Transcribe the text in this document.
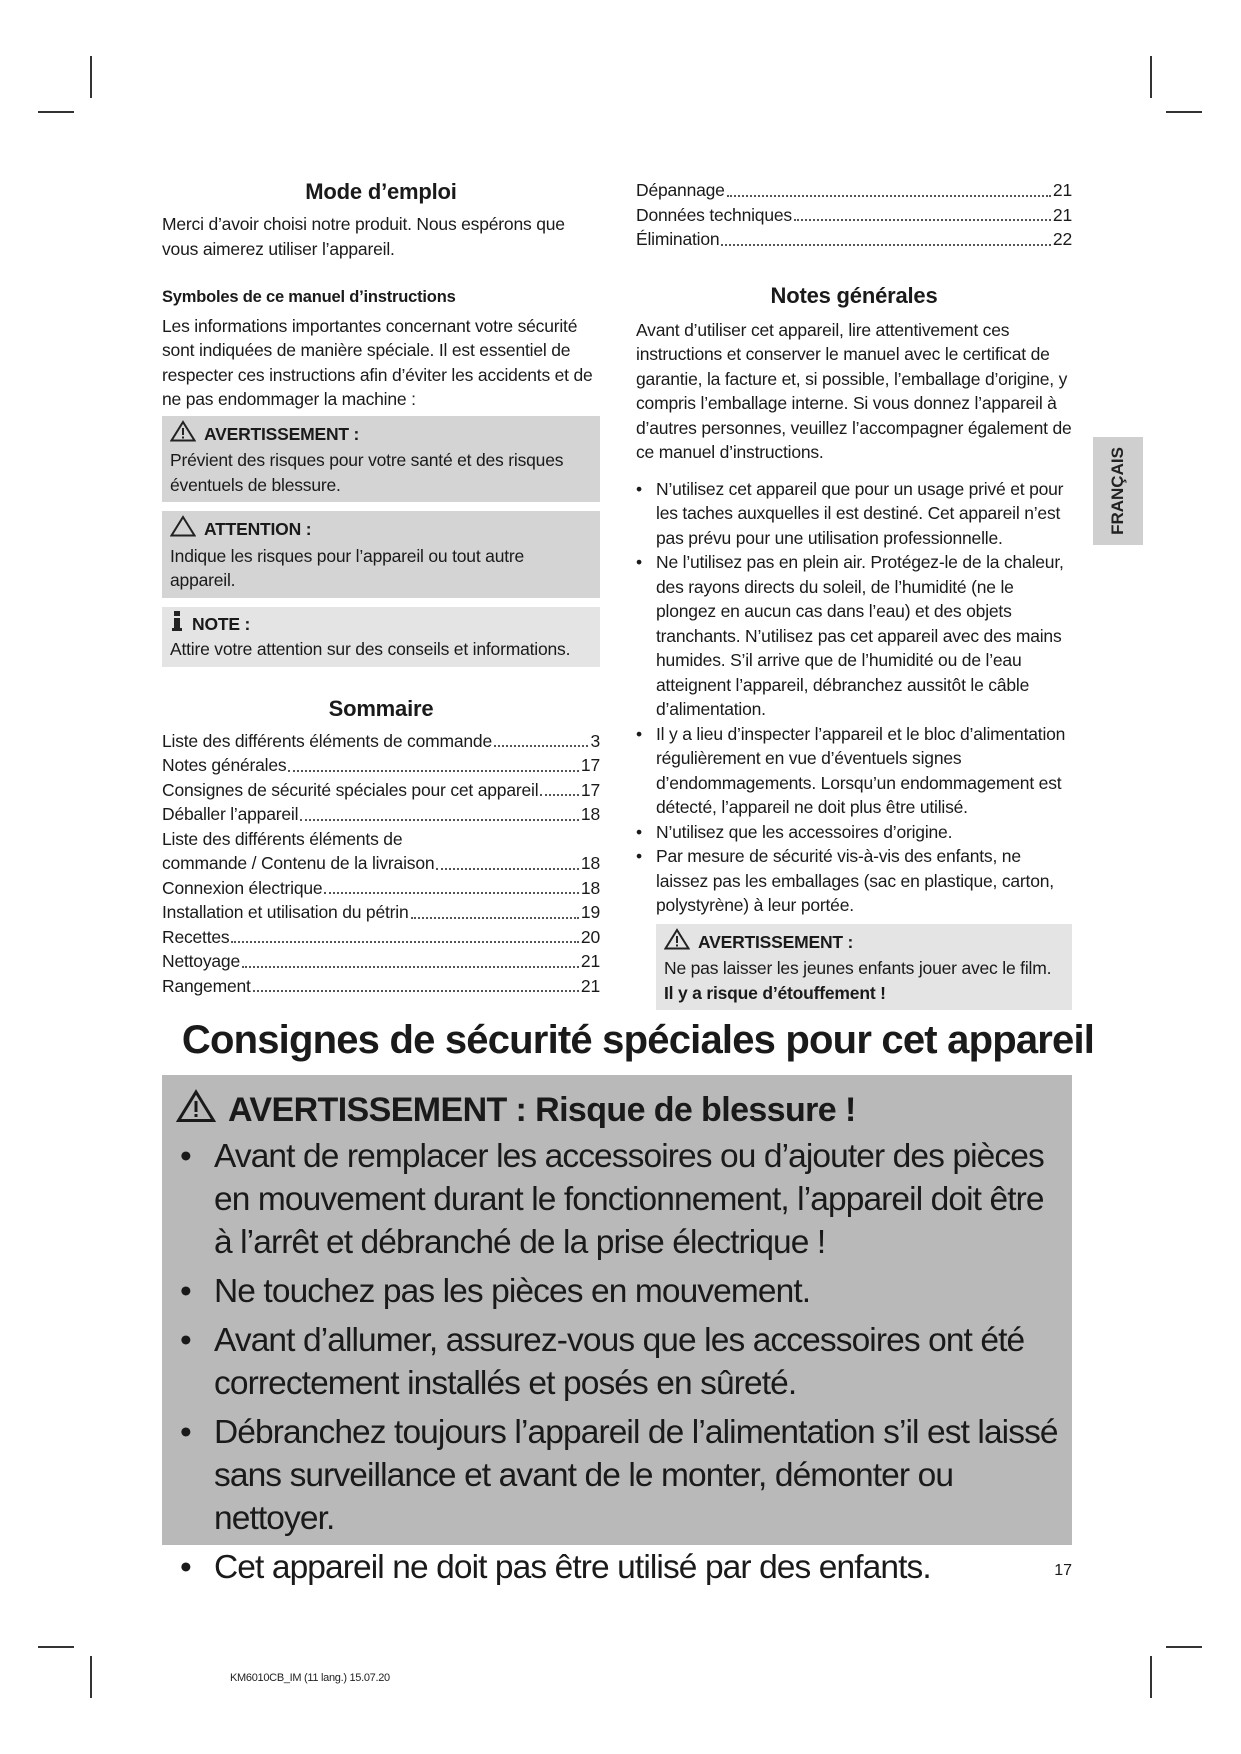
Mode d’emploi

Merci d’avoir choisi notre produit. Nous espérons que vous aimerez utiliser l’appareil.

Symboles de ce manuel d’instructions

Les informations importantes concernant votre sécurité sont indiquées de manière spéciale. Il est essentiel de respecter ces instructions afin d’éviter les accidents et de ne pas endommager la machine :

AVERTISSEMENT :

Prévient des risques pour votre santé et des risques éventuels de blessure.

ATTENTION :

Indique les risques pour l’appareil ou tout autre appareil.

NOTE :

Attire votre attention sur des conseils et informations.

Sommaire
Liste des différents éléments de commande	3
Notes générales	17
Consignes de sécurité spéciales pour cet appareil 17
Déballer l’appareil	18
Liste des différents éléments de
commande / Contenu de la livraison	18
Connexion électrique	18
Installation et utilisation du pétrin	19
Recettes	20
Nettoyage	21
Rangement	21
Dépannage	21
Données techniques	21
Élimination	22
Notes générales

Avant d’utiliser cet appareil, lire attentivement ces instructions et conserver le manuel avec le certificat de garantie, la facture et, si possible, l’emballage d’origine, y compris l’emballage interne. Si vous donnez l’appareil à d’autres personnes, veuillez l’accompagner également de ce manuel d’instructions.

• N’utilisez cet appareil que pour un usage privé et pour les taches auxquelles il est destiné. Cet appareil n’est pas prévu pour une utilisation professionnelle.
• Ne l’utilisez pas en plein air. Protégez-le de la chaleur, des rayons directs du soleil, de l’humidité (ne le plongez en aucun cas dans l’eau) et des objets tranchants. N’utilisez pas cet appareil avec des mains humides. S’il arrive que de l’humidité ou de l’eau atteignent l’appareil, débranchez aussitôt le câble d’alimentation.
• Il y a lieu d’inspecter l’appareil et le bloc d’alimentation régulièrement en vue d’éventuels signes d’endommagements. Lorsqu’un endommagement est détecté, l’appareil ne doit plus être utilisé.
• N’utilisez que les accessoires d’origine.
• Par mesure de sécurité vis-à-vis des enfants, ne laissez pas les emballages (sac en plastique, carton, polystyrène) à leur portée.
AVERTISSEMENT :

Ne pas laisser les jeunes enfants jouer avec le film.

Il y a risque d’étouffement !

FRANÇAIS
Consignes de sécurité spéciales pour cet appareil
AVERTISSEMENT : Risque de blessure !
• Avant de remplacer les accessoires ou d’ajouter des pièces en mouvement durant le fonctionnement, l’appareil doit être à l’arrêt et débranché de la prise électrique !
• Ne touchez pas les pièces en mouvement.
• Avant d’allumer, assurez-vous que les accessoires ont été correctement installés et posés en sûreté.
• Débranchez toujours l’appareil de l’alimentation s’il est laissé sans surveillance et avant de le monter, démonter ou nettoyer.
• Cet appareil ne doit pas être utilisé par des enfants.	17
KM6010CB_IM (11 lang.) 15.07.20
